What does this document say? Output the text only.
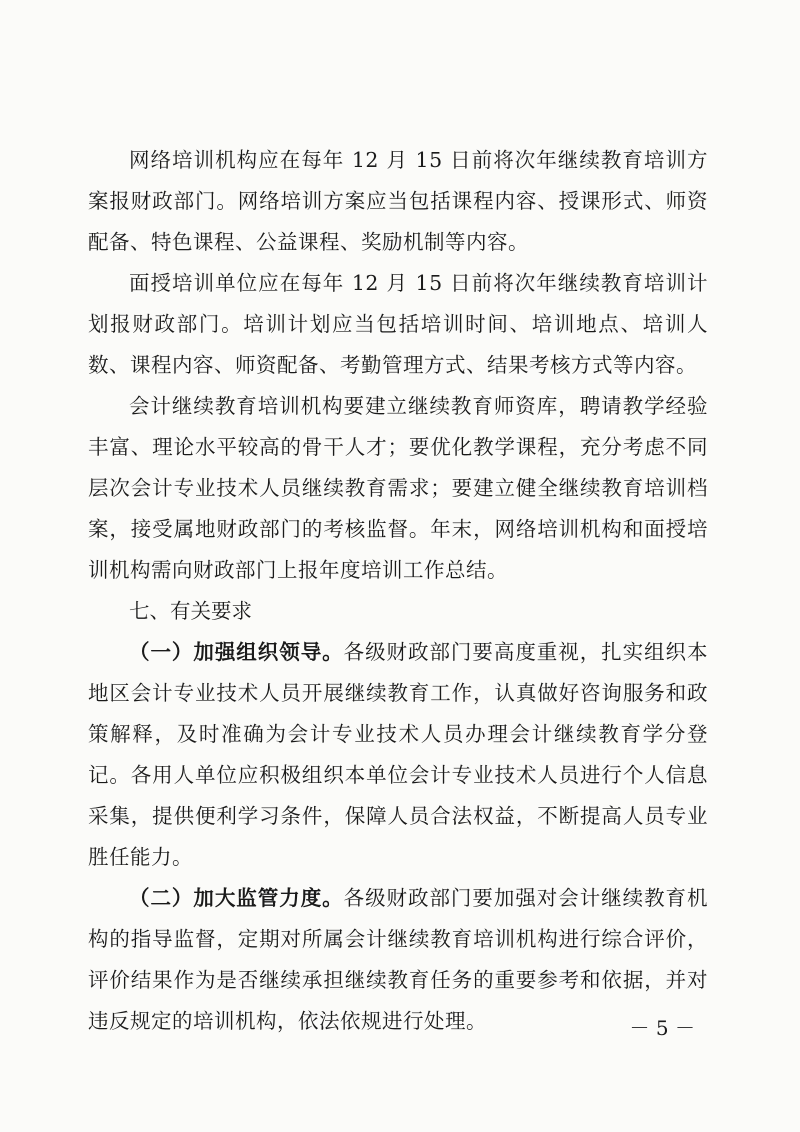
网络培训机构应在每年 12 月 15 日前将次年继续教育培训方案报财政部门。网络培训方案应当包括课程内容、授课形式、师资配备、特色课程、公益课程、奖励机制等内容。

面授培训单位应在每年 12 月 15 日前将次年继续教育培训计划报财政部门。培训计划应当包括培训时间、培训地点、培训人数、课程内容、师资配备、考勤管理方式、结果考核方式等内容。

会计继续教育培训机构要建立继续教育师资库，聘请教学经验丰富、理论水平较高的骨干人才；要优化教学课程，充分考虑不同层次会计专业技术人员继续教育需求；要建立健全继续教育培训档案，接受属地财政部门的考核监督。年末，网络培训机构和面授培训机构需向财政部门上报年度培训工作总结。

七、有关要求

（一）加强组织领导。各级财政部门要高度重视，扎实组织本地区会计专业技术人员开展继续教育工作，认真做好咨询服务和政策解释，及时准确为会计专业技术人员办理会计继续教育学分登记。各用人单位应积极组织本单位会计专业技术人员进行个人信息采集，提供便利学习条件，保障人员合法权益，不断提高人员专业胜任能力。

（二）加大监管力度。各级财政部门要加强对会计继续教育机构的指导监督，定期对所属会计继续教育培训机构进行综合评价，评价结果作为是否继续承担继续教育任务的重要参考和依据，并对违反规定的培训机构，依法依规进行处理。	－ 5 －
